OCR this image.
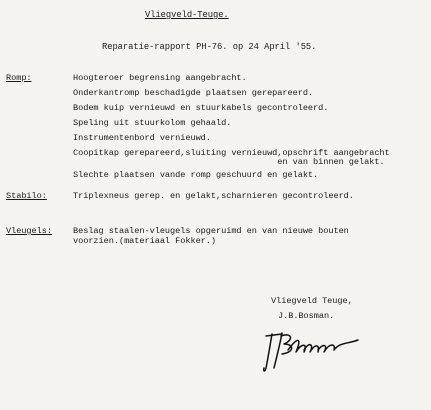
Vliegveld-Teuge.
Reparatie-rapport PH-76. op 24 April '55.
Romp:	Hoogteroer begrensing aangebracht.
Onderkantromp beschadigde plaatsen gerepareerd.
Bodem kuip vernieuwd en stuurkabels gecontroleerd.
Speling uit stuurkolom gehaald.
Instrumentenbord vernieuwd.
Coopitkap gerepareerd,sluiting vernieuwd,opschrift aangebracht
en van binnen gelakt.
Slechte plaatsen vande romp geschuurd en gelakt.
Stabilo:	Triplexneus gerep. en gelakt,scharnieren gecontroleerd.
Vleugels: Beslag staalen-vleugels opgeruimd en van nieuwe bouten
voorzien.(materiaal Fokker.)
Vliegveld Teuge,
J.B.Bosman.
